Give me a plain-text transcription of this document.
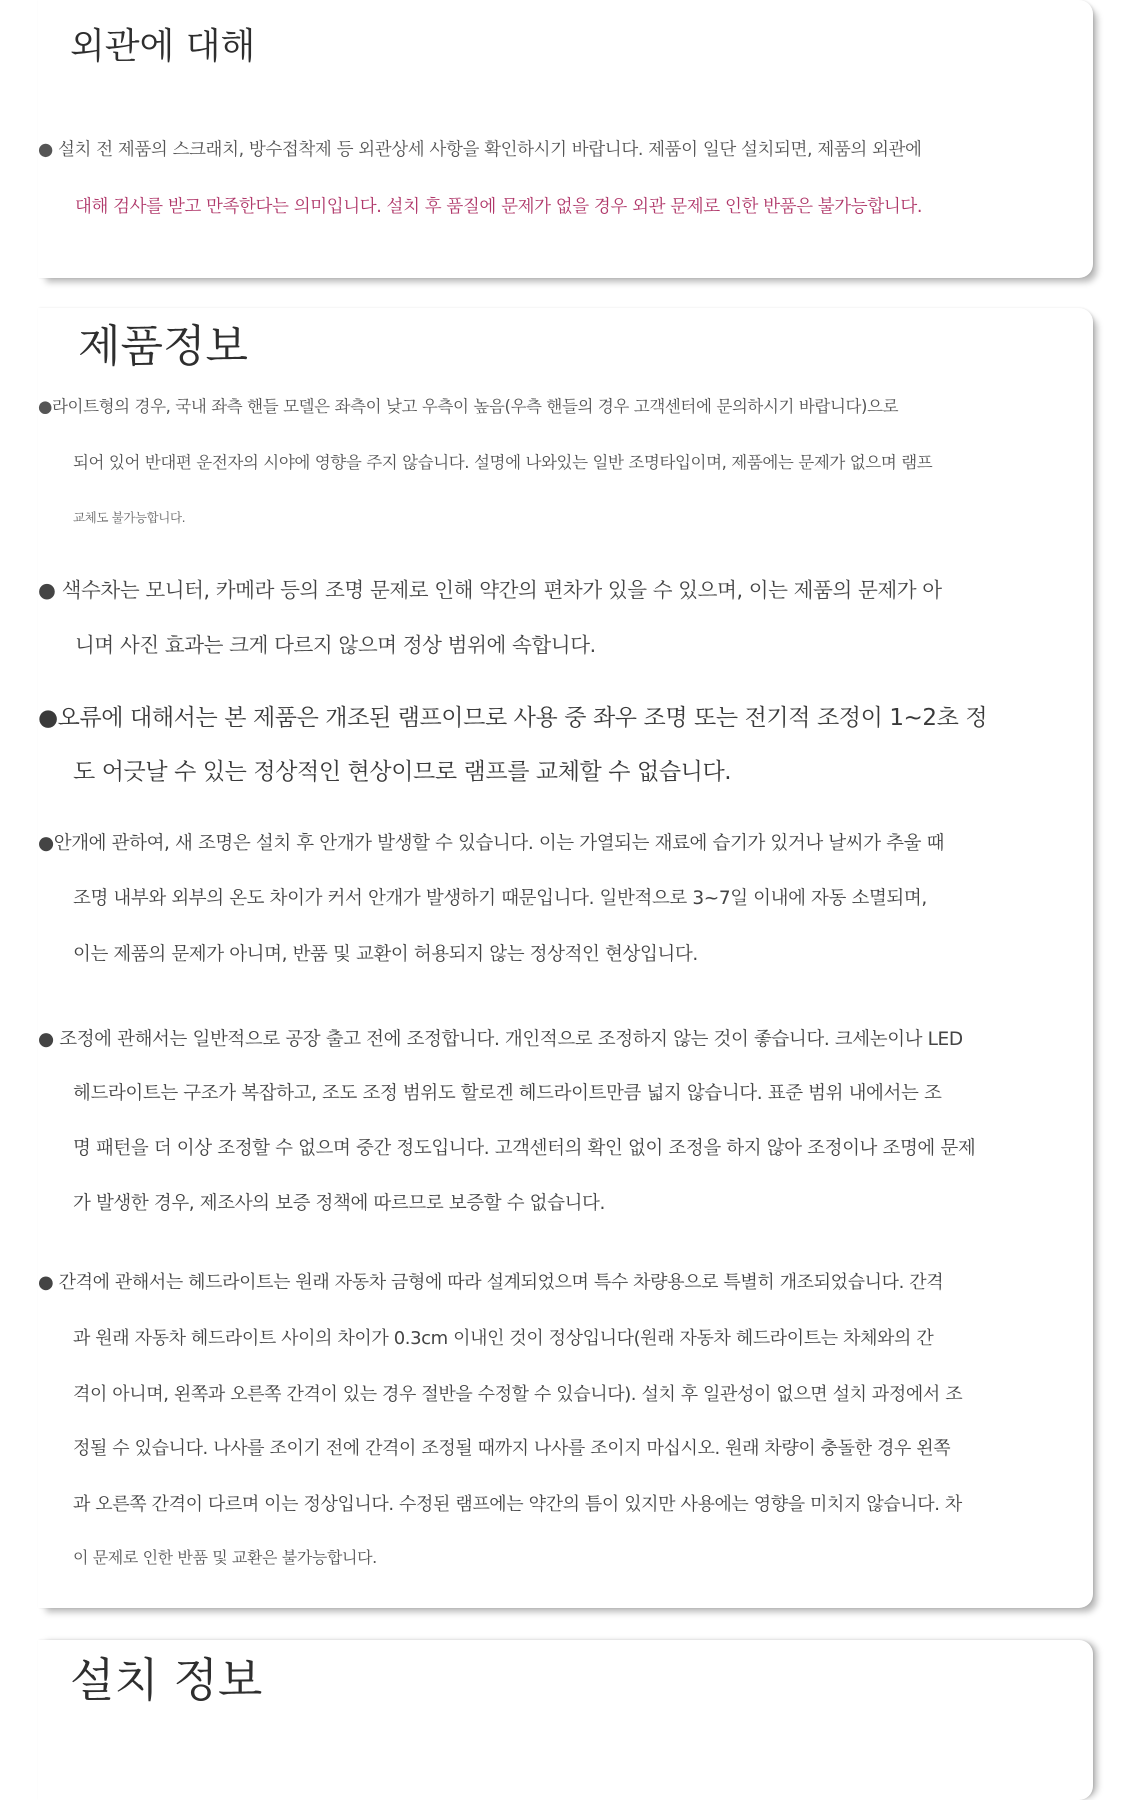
외관에 대해

● 설치 전 제품의 스크래치, 방수접착제 등 외관상세 사항을 확인하시기 바랍니다. 제품이 일단 설치되면, 제품의 외관에

대해 검사를 받고 만족한다는 의미입니다. 설치 후 품질에 문제가 없을 경우 외관 문제로 인한 반품은 불가능합니다.

제품정보

●라이트형의 경우, 국내 좌측 핸들 모델은 좌측이 낮고 우측이 높음(우측 핸들의 경우 고객센터에 문의하시기 바랍니다)으로

되어 있어 반대편 운전자의 시야에 영향을 주지 않습니다. 설명에 나와있는 일반 조명타입이며, 제품에는 문제가 없으며 램프

교체도 불가능합니다.

● 색수차는 모니터, 카메라 등의 조명 문제로 인해 약간의 편차가 있을 수 있으며, 이는 제품의 문제가 아

니며 사진 효과는 크게 다르지 않으며 정상 범위에 속합니다.

●오류에 대해서는 본 제품은 개조된 램프이므로 사용 중 좌우 조명 또는 전기적 조정이 1~2초 정

도 어긋날 수 있는 정상적인 현상이므로 램프를 교체할 수 없습니다.

●안개에 관하여, 새 조명은 설치 후 안개가 발생할 수 있습니다. 이는 가열되는 재료에 습기가 있거나 날씨가 추울 때

조명 내부와 외부의 온도 차이가 커서 안개가 발생하기 때문입니다. 일반적으로 3~7일 이내에 자동 소멸되며,

이는 제품의 문제가 아니며, 반품 및 교환이 허용되지 않는 정상적인 현상입니다.

● 조정에 관해서는 일반적으로 공장 출고 전에 조정합니다. 개인적으로 조정하지 않는 것이 좋습니다. 크세논이나 LED

헤드라이트는 구조가 복잡하고, 조도 조정 범위도 할로겐 헤드라이트만큼 넓지 않습니다. 표준 범위 내에서는 조

명 패턴을 더 이상 조정할 수 없으며 중간 정도입니다. 고객센터의 확인 없이 조정을 하지 않아 조정이나 조명에 문제

가 발생한 경우, 제조사의 보증 정책에 따르므로 보증할 수 없습니다.

● 간격에 관해서는 헤드라이트는 원래 자동차 금형에 따라 설계되었으며 특수 차량용으로 특별히 개조되었습니다. 간격

과 원래 자동차 헤드라이트 사이의 차이가 0.3cm 이내인 것이 정상입니다(원래 자동차 헤드라이트는 차체와의 간

격이 아니며, 왼쪽과 오른쪽 간격이 있는 경우 절반을 수정할 수 있습니다). 설치 후 일관성이 없으면 설치 과정에서 조

정될 수 있습니다. 나사를 조이기 전에 간격이 조정될 때까지 나사를 조이지 마십시오. 원래 차량이 충돌한 경우 왼쪽

과 오른쪽 간격이 다르며 이는 정상입니다. 수정된 램프에는 약간의 틈이 있지만 사용에는 영향을 미치지 않습니다. 차

이 문제로 인한 반품 및 교환은 불가능합니다.

설치 정보
